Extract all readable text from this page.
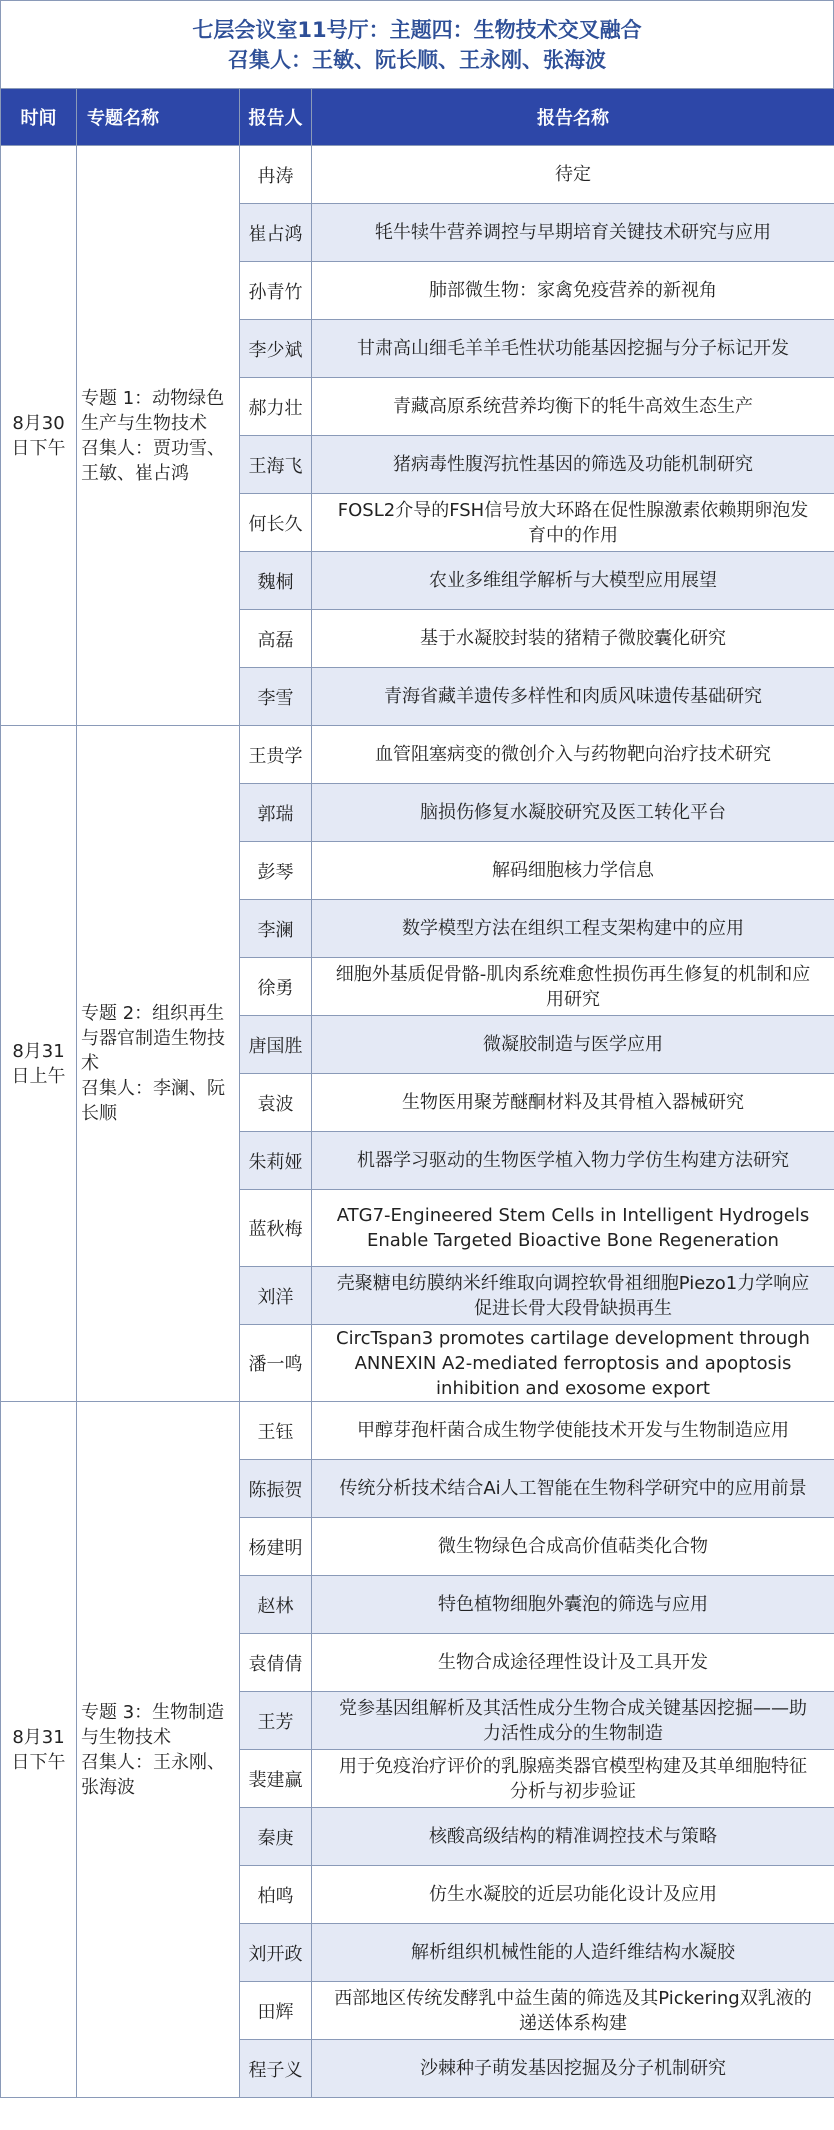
七层会议室11号厅：主题四：生物技术交叉融合
召集人：王敏、阮长顺、王永刚、张海波
时间	专题名称	报告人	报告名称
8月30
日下午	专题 1：动物绿色
生产与生物技术
召集人：贾功雪、
王敏、崔占鸿	冉涛	待定
		崔占鸿	牦牛犊牛营养调控与早期培育关键技术研究与应用
		孙青竹	肺部微生物：家禽免疫营养的新视角
		李少斌	甘肃高山细毛羊羊毛性状功能基因挖掘与分子标记开发
		郝力壮	青藏高原系统营养均衡下的牦牛高效生态生产
		王海飞	猪病毒性腹泻抗性基因的筛选及功能机制研究
		何长久	FOSL2介导的FSH信号放大环路在促性腺激素依赖期卵泡发
育中的作用
		魏桐	农业多维组学解析与大模型应用展望
		高磊	基于水凝胶封装的猪精子微胶囊化研究
		李雪	青海省藏羊遗传多样性和肉质风味遗传基础研究
8月31
日上午	专题 2：组织再生
与器官制造生物技
术
召集人：李澜、阮
长顺	王贵学	血管阻塞病变的微创介入与药物靶向治疗技术研究
		郭瑞	脑损伤修复水凝胶研究及医工转化平台
		彭琴	解码细胞核力学信息
		李澜	数学模型方法在组织工程支架构建中的应用
		徐勇	细胞外基质促骨骼-肌肉系统难愈性损伤再生修复的机制和应
用研究
		唐国胜	微凝胶制造与医学应用
		袁波	生物医用聚芳醚酮材料及其骨植入器械研究
		朱莉娅	机器学习驱动的生物医学植入物力学仿生构建方法研究
		蓝秋梅	ATG7-Engineered Stem Cells in Intelligent Hydrogels
Enable Targeted Bioactive Bone Regeneration
		刘洋	壳聚糖电纺膜纳米纤维取向调控软骨祖细胞Piezo1力学响应
促进长骨大段骨缺损再生
		潘一鸣	CircTspan3 promotes cartilage development through
ANNEXIN A2-mediated ferroptosis and apoptosis
inhibition and exosome export
8月31
日下午	专题 3：生物制造
与生物技术
召集人：王永刚、
张海波	王钰	甲醇芽孢杆菌合成生物学使能技术开发与生物制造应用
		陈振贺	传统分析技术结合Ai人工智能在生物科学研究中的应用前景
		杨建明	微生物绿色合成高价值萜类化合物
		赵林	特色植物细胞外囊泡的筛选与应用
		袁倩倩	生物合成途径理性设计及工具开发
		王芳	党参基因组解析及其活性成分生物合成关键基因挖掘——助
力活性成分的生物制造
		裴建赢	用于免疫治疗评价的乳腺癌类器官模型构建及其单细胞特征
分析与初步验证
		秦庚	核酸高级结构的精准调控技术与策略
		柏鸣	仿生水凝胶的近层功能化设计及应用
		刘开政	解析组织机械性能的人造纤维结构水凝胶
		田辉	西部地区传统发酵乳中益生菌的筛选及其Pickering双乳液的
递送体系构建
		程子义	沙棘种子萌发基因挖掘及分子机制研究
